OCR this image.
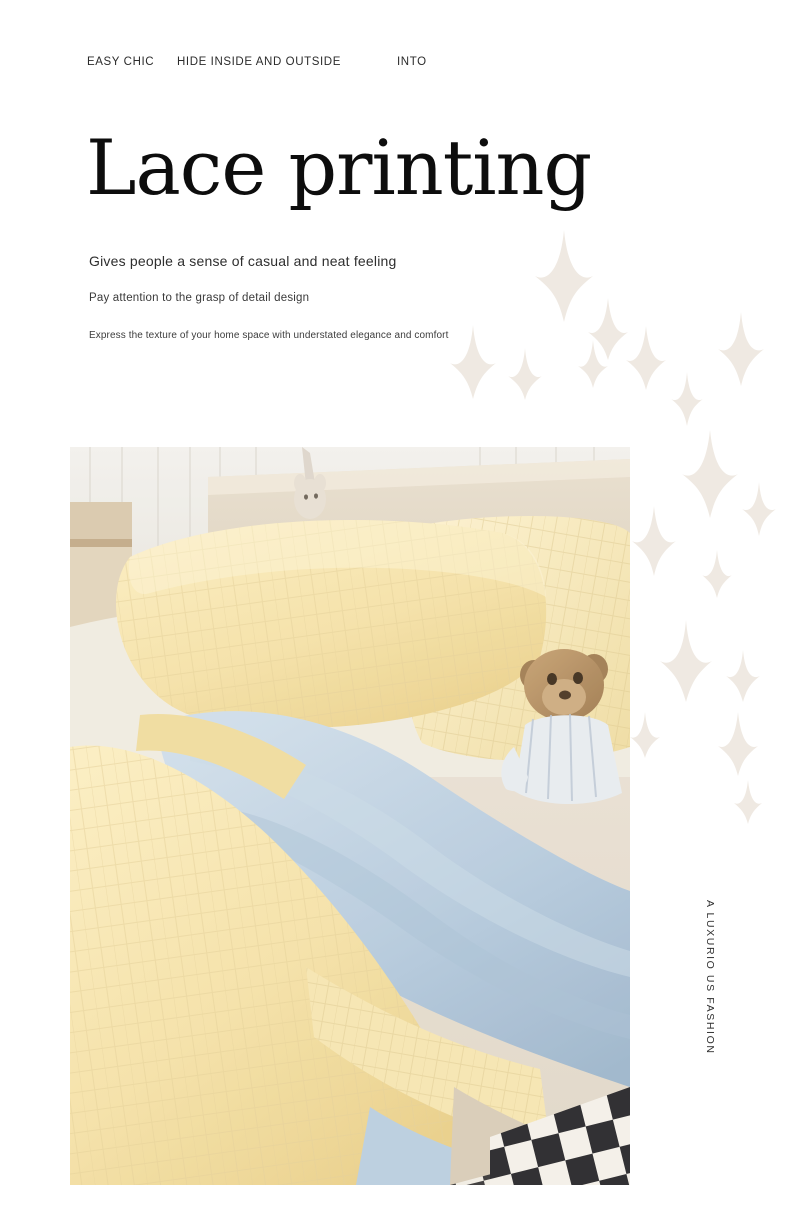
EASY CHIC HIDE INSIDE AND OUTSIDE	INTO
Lace printing
Gives people a sense of casual and neat feeling
Pay attention to the grasp of detail design
Express the texture of your home space with understated elegance and comfort
A LUXURIO US FASHION
